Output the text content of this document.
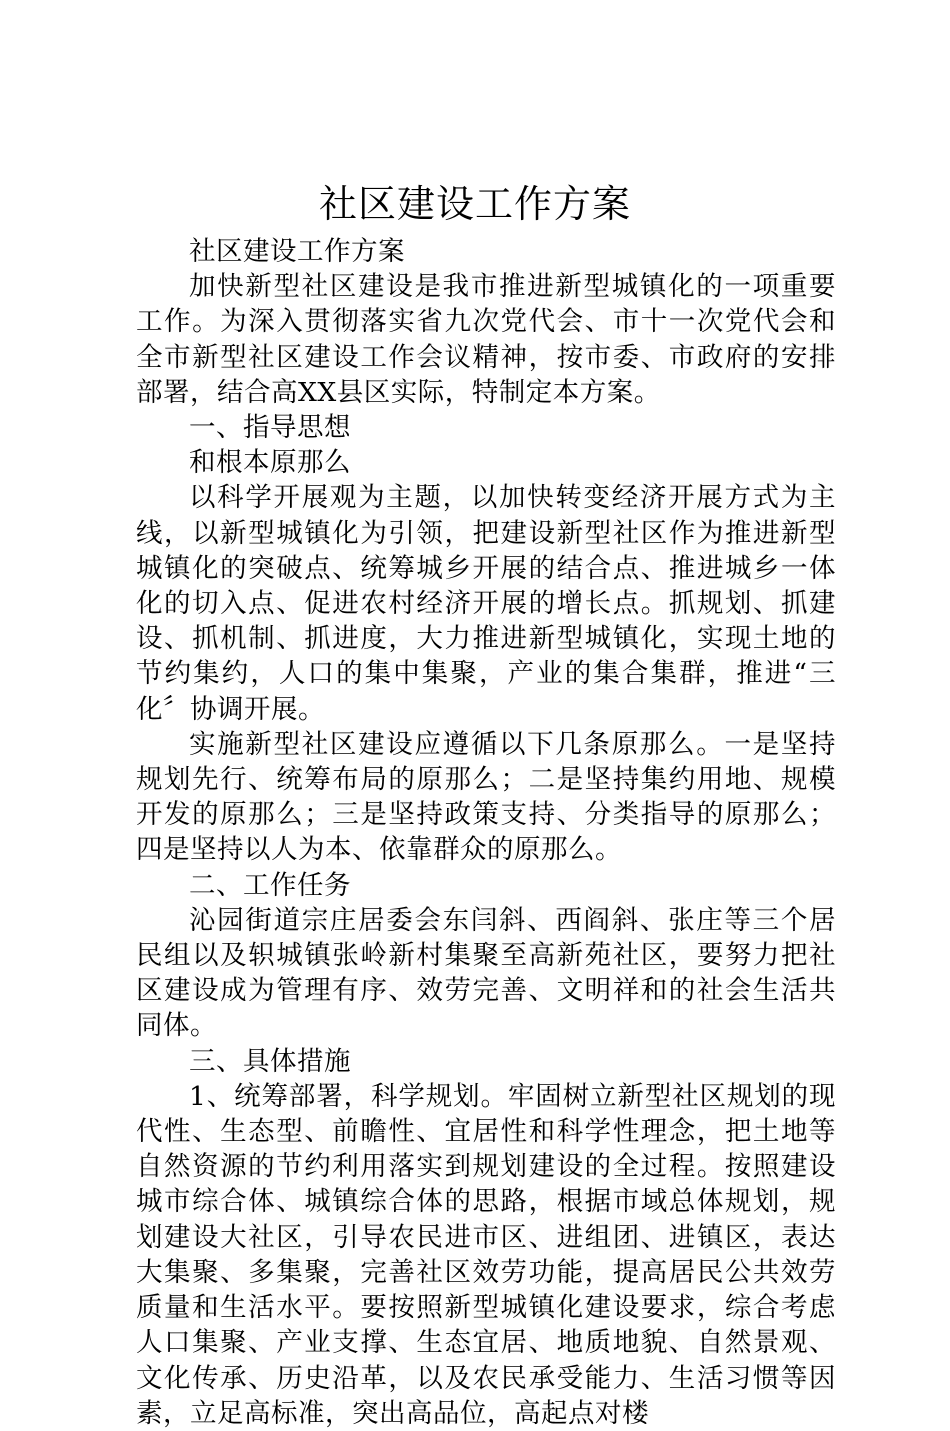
社区建设工作方案

社区建设工作方案

加快新型社区建设是我市推进新型城镇化的一项重要工作。为深入贯彻落实省九次党代会、市十一次党代会和全市新型社区建设工作会议精神，按市委、市政府的安排部署，结合高XX县区实际，特制定本方案。

一、指导思想

和根本原那么

以科学开展观为主题，以加快转变经济开展方式为主线，以新型城镇化为引领，把建设新型社区作为推进新型城镇化的突破点、统筹城乡开展的结合点、推进城乡一体化的切入点、促进农村经济开展的增长点。抓规划、抓建设、抓机制、抓进度，大力推进新型城镇化，实现土地的节约集约，人口的集中集聚，产业的集合集群，推进“三化〞协调开展。

实施新型社区建设应遵循以下几条原那么。一是坚持规划先行、统筹布局的原那么；二是坚持集约用地、规模开发的原那么；三是坚持政策支持、分类指导的原那么；四是坚持以人为本、依靠群众的原那么。

二、工作任务

沁园街道宗庄居委会东闫斜、西阎斜、张庄等三个居民组以及轵城镇张岭新村集聚至高新苑社区，要努力把社区建设成为管理有序、效劳完善、文明祥和的社会生活共同体。

三、具体措施

1、统筹部署，科学规划。牢固树立新型社区规划的现代性、生态型、前瞻性、宜居性和科学性理念，把土地等自然资源的节约利用落实到规划建设的全过程。按照建设城市综合体、城镇综合体的思路，根据市域总体规划，规划建设大社区，引导农民进市区、进组团、进镇区，表达大集聚、多集聚，完善社区效劳功能，提高居民公共效劳质量和生活水平。要按照新型城镇化建设要求，综合考虑人口集聚、产业支撑、生态宜居、地质地貌、自然景观、文化传承、历史沿革，以及农民承受能力、生活习惯等因素，立足高标准，突出高品位，高起点对楼
